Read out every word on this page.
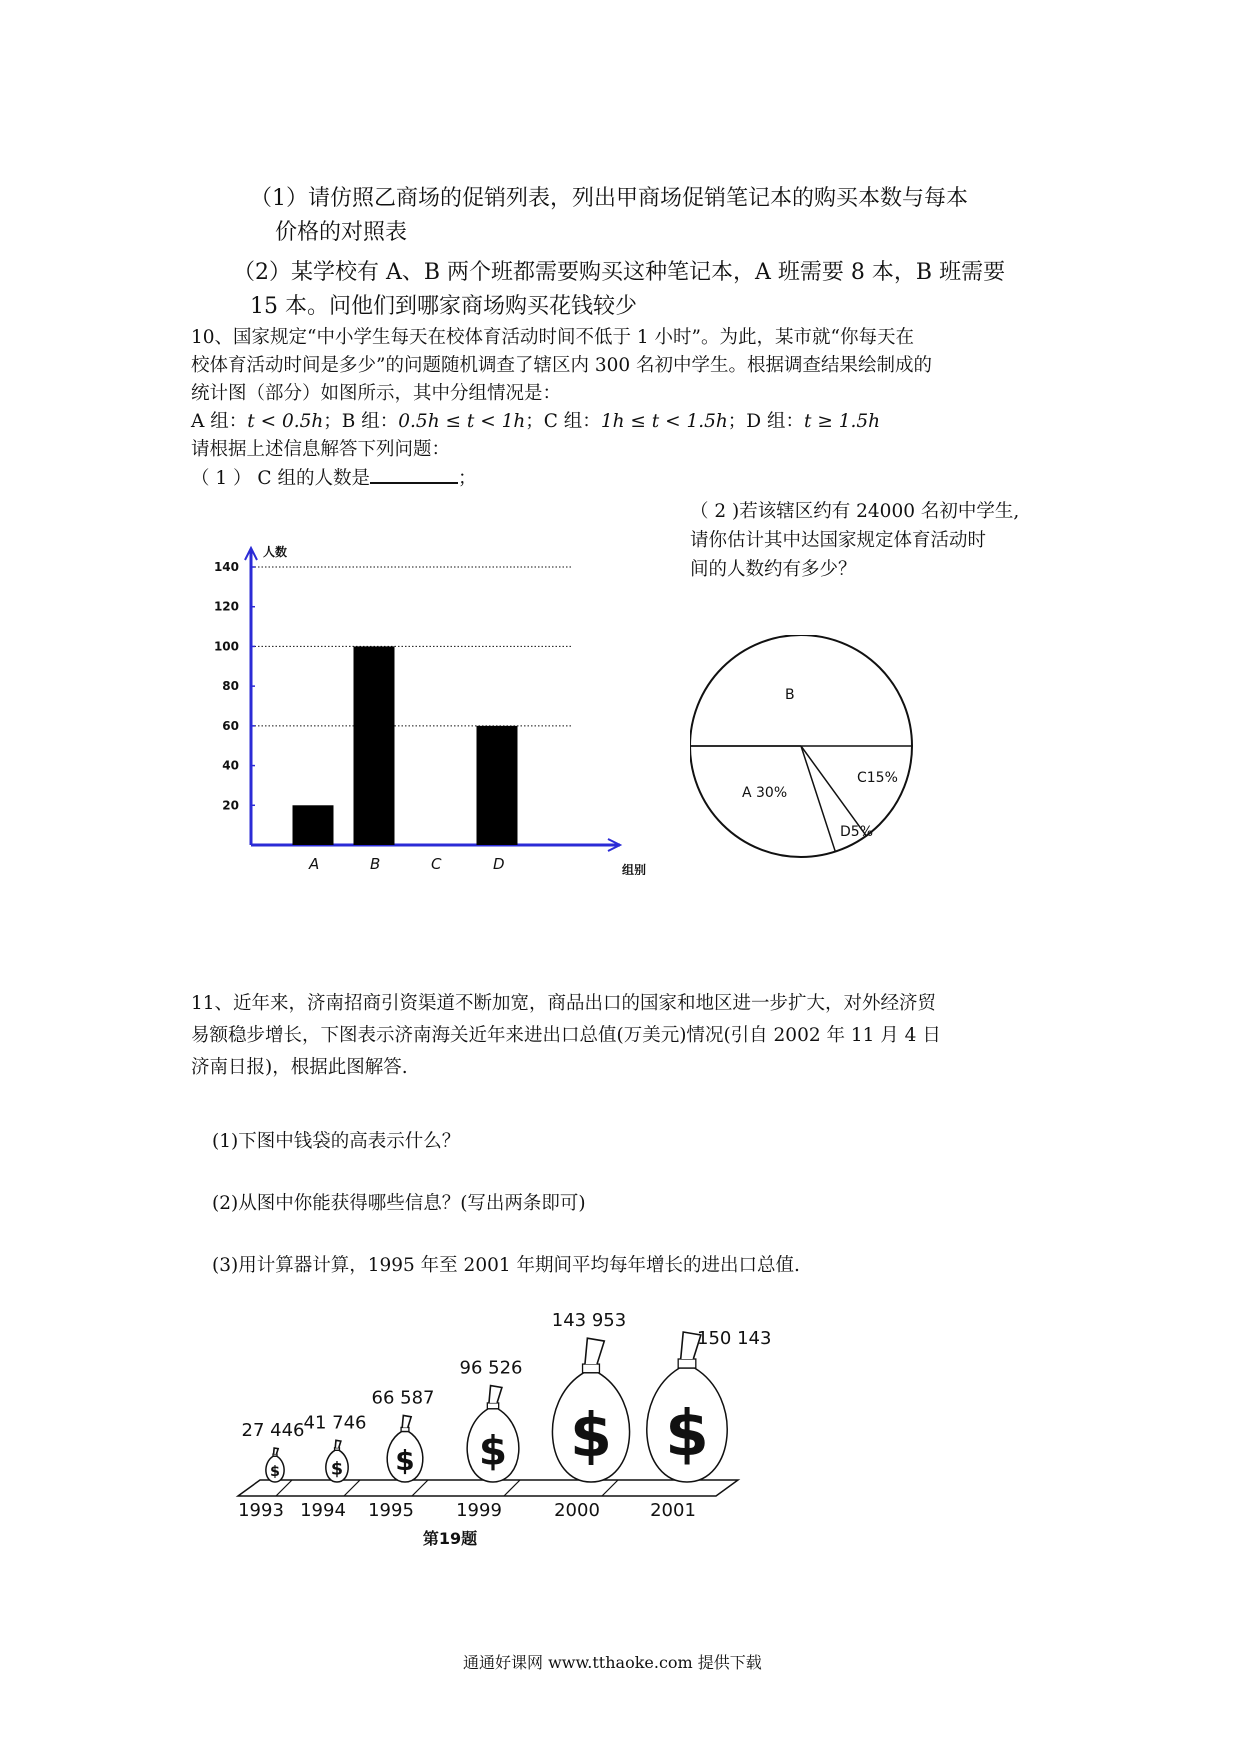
（1）请仿照乙商场的促销列表，列出甲商场促销笔记本的购买本数与每本
价格的对照表
（2）某学校有 A、B 两个班都需要购买这种笔记本，A 班需要 8 本，B 班需要
15 本。问他们到哪家商场购买花钱较少
10、国家规定“中小学生每天在校体育活动时间不低于 1 小时”。为此，某市就“你每天在
校体育活动时间是多少”的问题随机调查了辖区内 300 名初中学生。根据调查结果绘制成的
统计图（部分）如图所示，其中分组情况是：
A 组：t < 0.5h；B 组：0.5h ≤ t < 1h；C 组：1h ≤ t < 1.5h；D 组：t ≥ 1.5h
请根据上述信息解答下列问题：
（ 1 ） C 组的人数是	；
（ 2 )若该辖区约有 24000 名初中学生,
请你估计其中达国家规定体育活动时
间的人数约有多少？
20
40
60
80
100
120
140
人数
组别
A	B	C	D
B
A 30%
D5%
C15%
11、近年来，济南招商引资渠道不断加宽，商品出口的国家和地区进一步扩大，对外经济贸
易额稳步增长，下图表示济南海关近年来进出口总值(万美元)情况(引自 2002 年 11 月 4 日
济南日报)，根据此图解答.
(1)下图中钱袋的高表示什么？
(2)从图中你能获得哪些信息？(写出两条即可)
(3)用计算器计算，1995 年至 2001 年期间平均每年增长的进出口总值.
$
27 446
1993
$
41 746
1994
$
66 587
1995
$
96 526
1999
$
143 953
2000
$
150 143
2001
第19题
通通好课网 www.tthaoke.com 提供下载
